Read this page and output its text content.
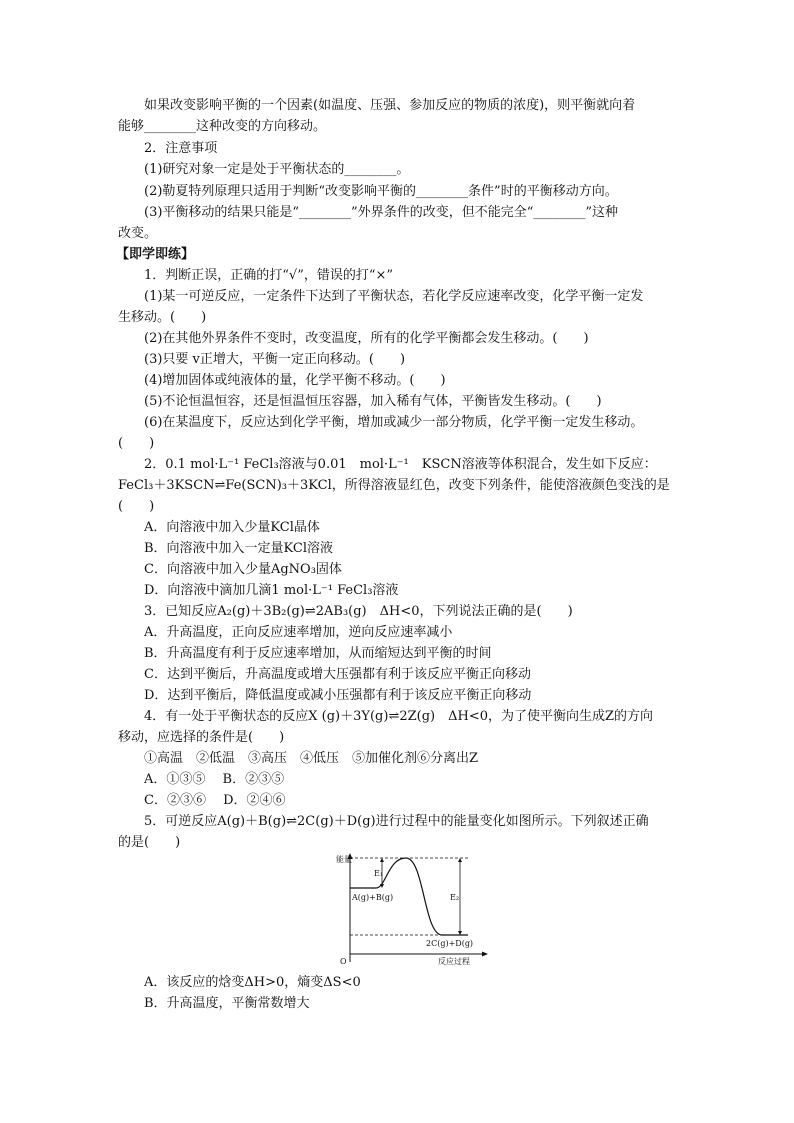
如果改变影响平衡的一个因素(如温度、压强、参加反应的物质的浓度)，则平衡就向着
能够________这种改变的方向移动。
2．注意事项
(1)研究对象一定是处于平衡状态的________。
(2)勒夏特列原理只适用于判断“改变影响平衡的________条件”时的平衡移动方向。
(3)平衡移动的结果只能是“________”外界条件的改变，但不能完全“________”这种
改变。
【即学即练】
1．判断正误，正确的打“√”，错误的打“×”
(1)某一可逆反应，一定条件下达到了平衡状态，若化学反应速率改变，化学平衡一定发
生移动。(　　)
(2)在其他外界条件不变时，改变温度，所有的化学平衡都会发生移动。(　　)
(3)只要 v正增大，平衡一定正向移动。(　　)
(4)增加固体或纯液体的量，化学平衡不移动。(　　)
(5)不论恒温恒容，还是恒温恒压容器，加入稀有气体，平衡皆发生移动。(　　)
(6)在某温度下，反应达到化学平衡，增加或减少一部分物质，化学平衡一定发生移动。
(　　)
2．0.1 mol·L⁻¹ FeCl₃溶液与0.01　mol·L⁻¹　KSCN溶液等体积混合，发生如下反应：
FeCl₃＋3KSCN⇌Fe(SCN)₃＋3KCl，所得溶液显红色，改变下列条件，能使溶液颜色变浅的是
(　　)
A．向溶液中加入少量KCl晶体
B．向溶液中加入一定量KCl溶液
C．向溶液中加入少量AgNO₃固体
D．向溶液中滴加几滴1 mol·L⁻¹ FeCl₃溶液
3．已知反应A₂(g)＋3B₂(g)⇌2AB₃(g)　ΔH<0，下列说法正确的是(　　)
A．升高温度，正向反应速率增加，逆向反应速率减小
B．升高温度有利于反应速率增加，从而缩短达到平衡的时间
C．达到平衡后，升高温度或增大压强都有利于该反应平衡正向移动
D．达到平衡后，降低温度或减小压强都有利于该反应平衡正向移动
4．有一处于平衡状态的反应X (g)＋3Y(g)⇌2Z(g)　ΔH<0，为了使平衡向生成Z的方向
移动，应选择的条件是(　　)
①高温　②低温　③高压　④低压　⑤加催化剂⑥分离出Z
A．①③⑤　 B．②③⑤
C．②③⑥　 D．②④⑥
5．可逆反应A(g)＋B(g)⇌2C(g)＋D(g)进行过程中的能量变化如图所示。下列叙述正确
的是(　　)
能量
O	反应过程
E₁
E₂
A(g)+B(g)
2C(g)+D(g)
A．该反应的焓变ΔH>0，熵变ΔS<0
B．升高温度，平衡常数增大
